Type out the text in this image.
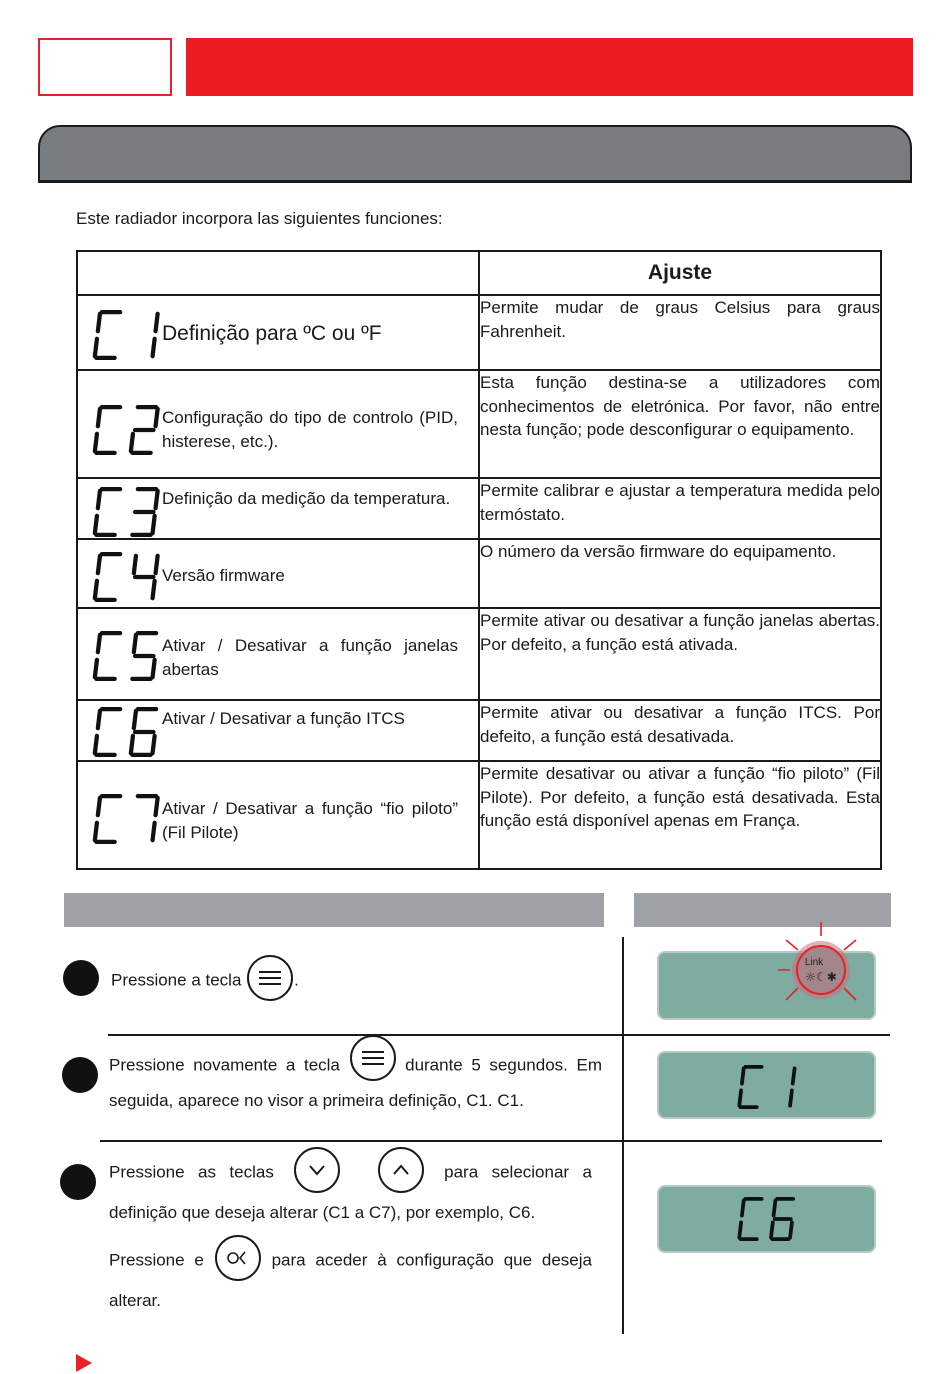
Este radiador incorpora las siguientes funciones:
	Ajuste

Definição para ºC ou ºF	Permite mudar de graus Celsius para graus Fahrenheit.

Configuração do tipo de controlo (PID, histerese, etc.).	Esta função destina-se a utilizadores com conhecimentos de eletrónica. Por favor, não entre nesta função; pode desconfigurar o equipamento.

Definição da medição da temperatura.	Permite calibrar e ajustar a temperatura medida pelo termóstato.

Versão firmware	O número da versão firmware do equipamento.

Ativar / Desativar a função janelas abertas	Permite ativar ou desativar a função janelas abertas. Por defeito, a função está ativada.

Ativar / Desativar a função ITCS	Permite ativar ou desativar a função ITCS. Por defeito, a função está desativada.

Ativar / Desativar a função “fio piloto” (Fil Pilote)	Permite desativar ou ativar a função “fio piloto” (Fil Pilote). Por defeito, a função está desativada. Esta função está disponível apenas em França.
Pressione a tecla	.
Pressione novamente a tecla	durante 5 segundos. Em seguida, aparece no visor a primeira definição, C1. C1.
Pressione as teclas	para selecionar a definição que deseja alterar (C1 a C7), por exemplo, C6.
Pressione e	para aceder à configuração que deseja alterar.
Link
☼☾✱
